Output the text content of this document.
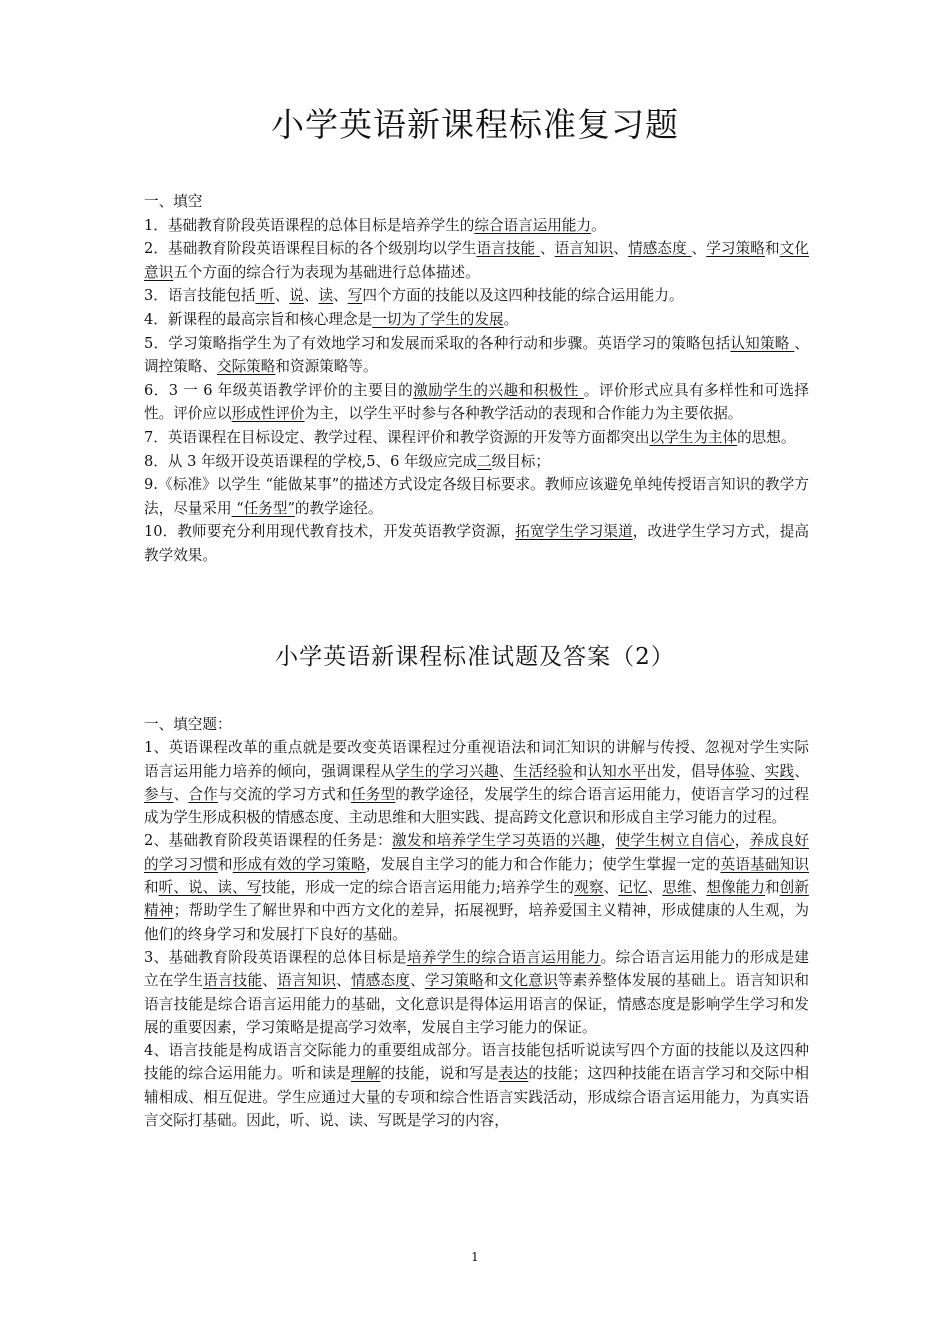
小学英语新课程标准复习题

一、填空

1．基础教育阶段英语课程的总体目标是培养学生的综合语言运用能力。

2．基础教育阶段英语课程目标的各个级别均以学生语言技能 、语言知识、情感态度 、学习策略和文化意识五个方面的综合行为表现为基础进行总体描述。

3．语言技能包括 听、说、读、写四个方面的技能以及这四种技能的综合运用能力。

4．新课程的最高宗旨和核心理念是一切为了学生的发展。

5．学习策略指学生为了有效地学习和发展而采取的各种行动和步骤。英语学习的策略包括认知策略 、调控策略、交际策略和资源策略等。

6．3 一 6 年级英语教学评价的主要目的激励学生的兴趣和积极性 。评价形式应具有多样性和可选择性。评价应以形成性评价为主，以学生平时参与各种教学活动的表现和合作能力为主要依据。

7．英语课程在目标设定、教学过程、课程评价和教学资源的开发等方面都突出以学生为主体的思想。

8．从 3 年级开设英语课程的学校,5、6 年级应完成二级目标；

9.《标准》以学生 “能做某事”的描述方式设定各级目标要求。教师应该避免单纯传授语言知识的教学方法，尽量采用 “任务型”的教学途径。

10．教师要充分利用现代教育技术，开发英语教学资源，拓宽学生学习渠道，改进学生学习方式，提高教学效果。

小学英语新课程标准试题及答案（2）

一、填空题：

1、英语课程改革的重点就是要改变英语课程过分重视语法和词汇知识的讲解与传授、忽视对学生实际语言运用能力培养的倾向，强调课程从学生的学习兴趣、生活经验和认知水平出发，倡导体验、实践、参与、合作与交流的学习方式和任务型的教学途径，发展学生的综合语言运用能力，使语言学习的过程成为学生形成积极的情感态度、主动思维和大胆实践、提高跨文化意识和形成自主学习能力的过程。

2、基础教育阶段英语课程的任务是：激发和培养学生学习英语的兴趣，使学生树立自信心，养成良好的学习习惯和形成有效的学习策略，发展自主学习的能力和合作能力；使学生掌握一定的英语基础知识和听、说、读、写技能，形成一定的综合语言运用能力;培养学生的观察、记忆、思维、想像能力和创新精神；帮助学生了解世界和中西方文化的差异，拓展视野，培养爱国主义精神，形成健康的人生观，为他们的终身学习和发展打下良好的基础。

3、基础教育阶段英语课程的总体目标是培养学生的综合语言运用能力。综合语言运用能力的形成是建立在学生语言技能、语言知识、情感态度、学习策略和文化意识等素养整体发展的基础上。语言知识和语言技能是综合语言运用能力的基础，文化意识是得体运用语言的保证，情感态度是影响学生学习和发展的重要因素，学习策略是提高学习效率，发展自主学习能力的保证。

4、语言技能是构成语言交际能力的重要组成部分。语言技能包括听说读写四个方面的技能以及这四种技能的综合运用能力。听和读是理解的技能，说和写是表达的技能；这四种技能在语言学习和交际中相辅相成、相互促进。学生应通过大量的专项和综合性语言实践活动，形成综合语言运用能力，为真实语言交际打基础。因此，听、说、读、写既是学习的内容，

1
